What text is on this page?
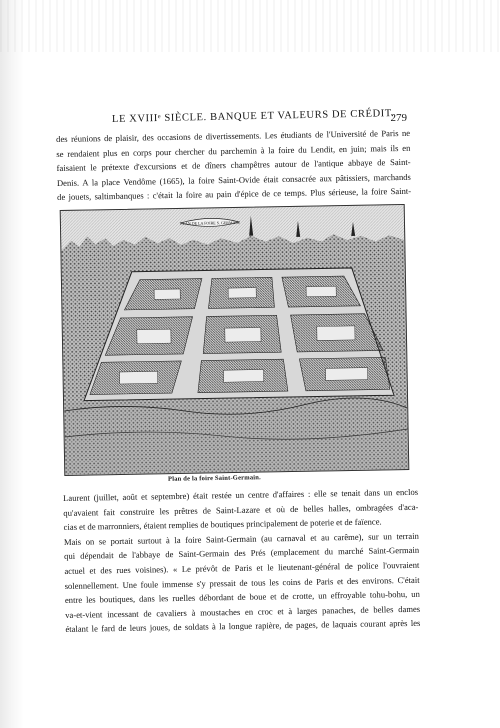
LE XVIIIᵉ SIÈCLE. BANQUE ET VALEURS DE CRÉDIT.
279

des réunions de plaisir, des occasions de divertissements. Les étudiants de l'Université de Paris ne
se rendaient plus en corps pour chercher du parchemin à la foire du Lendit, en juin; mais ils en
faisaient le prétexte d'excursions et de dîners champêtres autour de l'antique abbaye de Saint-
Denis. A la place Vendôme (1665), la foire Saint-Ovide était consacrée aux pâtissiers, marchands
de jouets, saltimbanques : c'était la foire au pain d'épice de ce temps. Plus sérieuse, la foire Saint-

PLAN DE LA FOIRE S. GERMAIN
Plan de la foire Saint-Germain.

Laurent (juillet, août et septembre) était restée un centre d'affaires : elle se tenait dans un enclos
qu'avaient fait construire les prêtres de Saint-Lazare et où de belles halles, ombragées d'aca-
cias et de marronniers, étaient remplies de boutiques principalement de poterie et de faïence.
Mais on se portait surtout à la foire Saint-Germain (au carnaval et au carême), sur un terrain
qui dépendait de l'abbaye de Saint-Germain des Prés (emplacement du marché Saint-Germain
actuel et des rues voisines). « Le prévôt de Paris et le lieutenant-général de police l'ouvraient
solennellement. Une foule immense s'y pressait de tous les coins de Paris et des environs. C'était
entre les boutiques, dans les ruelles débordant de boue et de crotte, un effroyable tohu-bohu, un
va-et-vient incessant de cavaliers à moustaches en croc et à larges panaches, de belles dames
étalant le fard de leurs joues, de soldats à la longue rapière, de pages, de laquais courant après les
